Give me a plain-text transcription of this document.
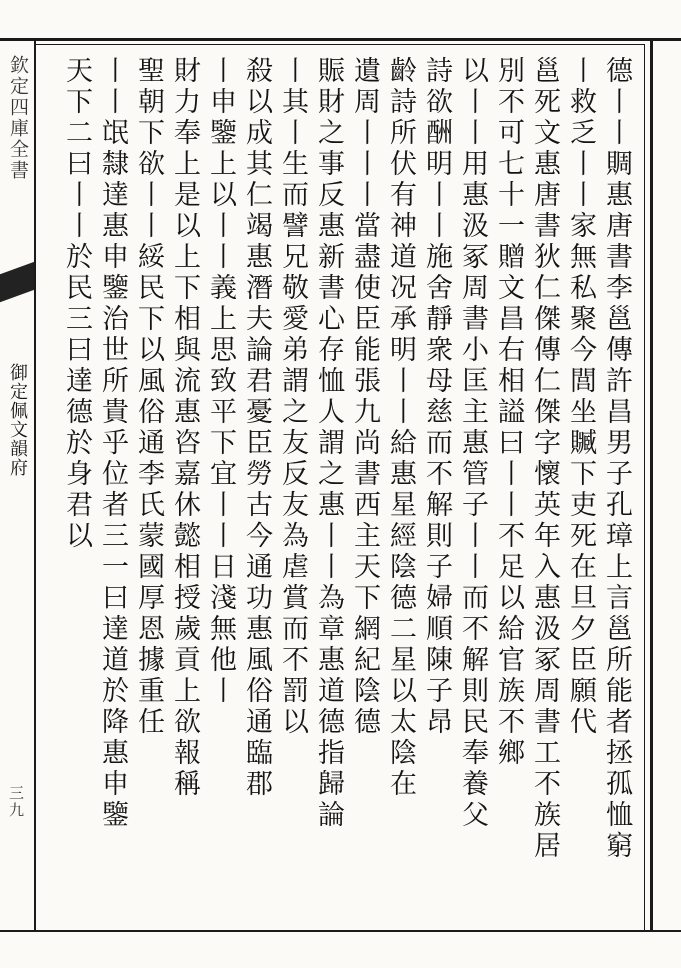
欽定四庫全書
御定佩文韻府
三九	德丨丨賙惠唐書李邕傳許昌男子孔璋上言邕所能者拯孤恤窮
丨救乏丨丨家無私聚今閭坐贓下吏死在旦夕臣願代
邕死文惠唐書狄仁傑傳仁傑字懷英年入惠汲冢周書工不族居
別不可七十一贈文昌右相謚曰丨丨不足以給官族不鄉
以丨丨用惠汲冢周書小匡主惠管子丨丨而不解則民奉養父
詩欲酬明丨丨施舍靜衆母慈而不解則子婦順陳子昂
齡詩所伏有神道况承明丨丨給惠星經陰德二星以太陰在
遺周丨丨丨當盡使臣能張九尚書西主天下網紀陰德
賑財之事反惠新書心存恤人謂之惠丨丨為章惠道德指歸論
丨其丨生而譬兄敬愛弟謂之友反友為虐賞而不罰以
殺以成其仁竭惠潛夫論君憂臣勞古今通功惠風俗通臨郡
丨申鑒上以丨丨義上思致平下宜丨丨日淺無他丨
財力奉上是以上下相與流惠咨嘉休懿相授歲貢上欲報稱
聖朝下欲丨丨綏民下以風俗通李氏蒙國厚恩據重任
丨丨氓隸達惠申鑒治世所貴乎位者三一曰達道於降惠申鑒
天下二曰丨丨於民三曰達德於身君以
